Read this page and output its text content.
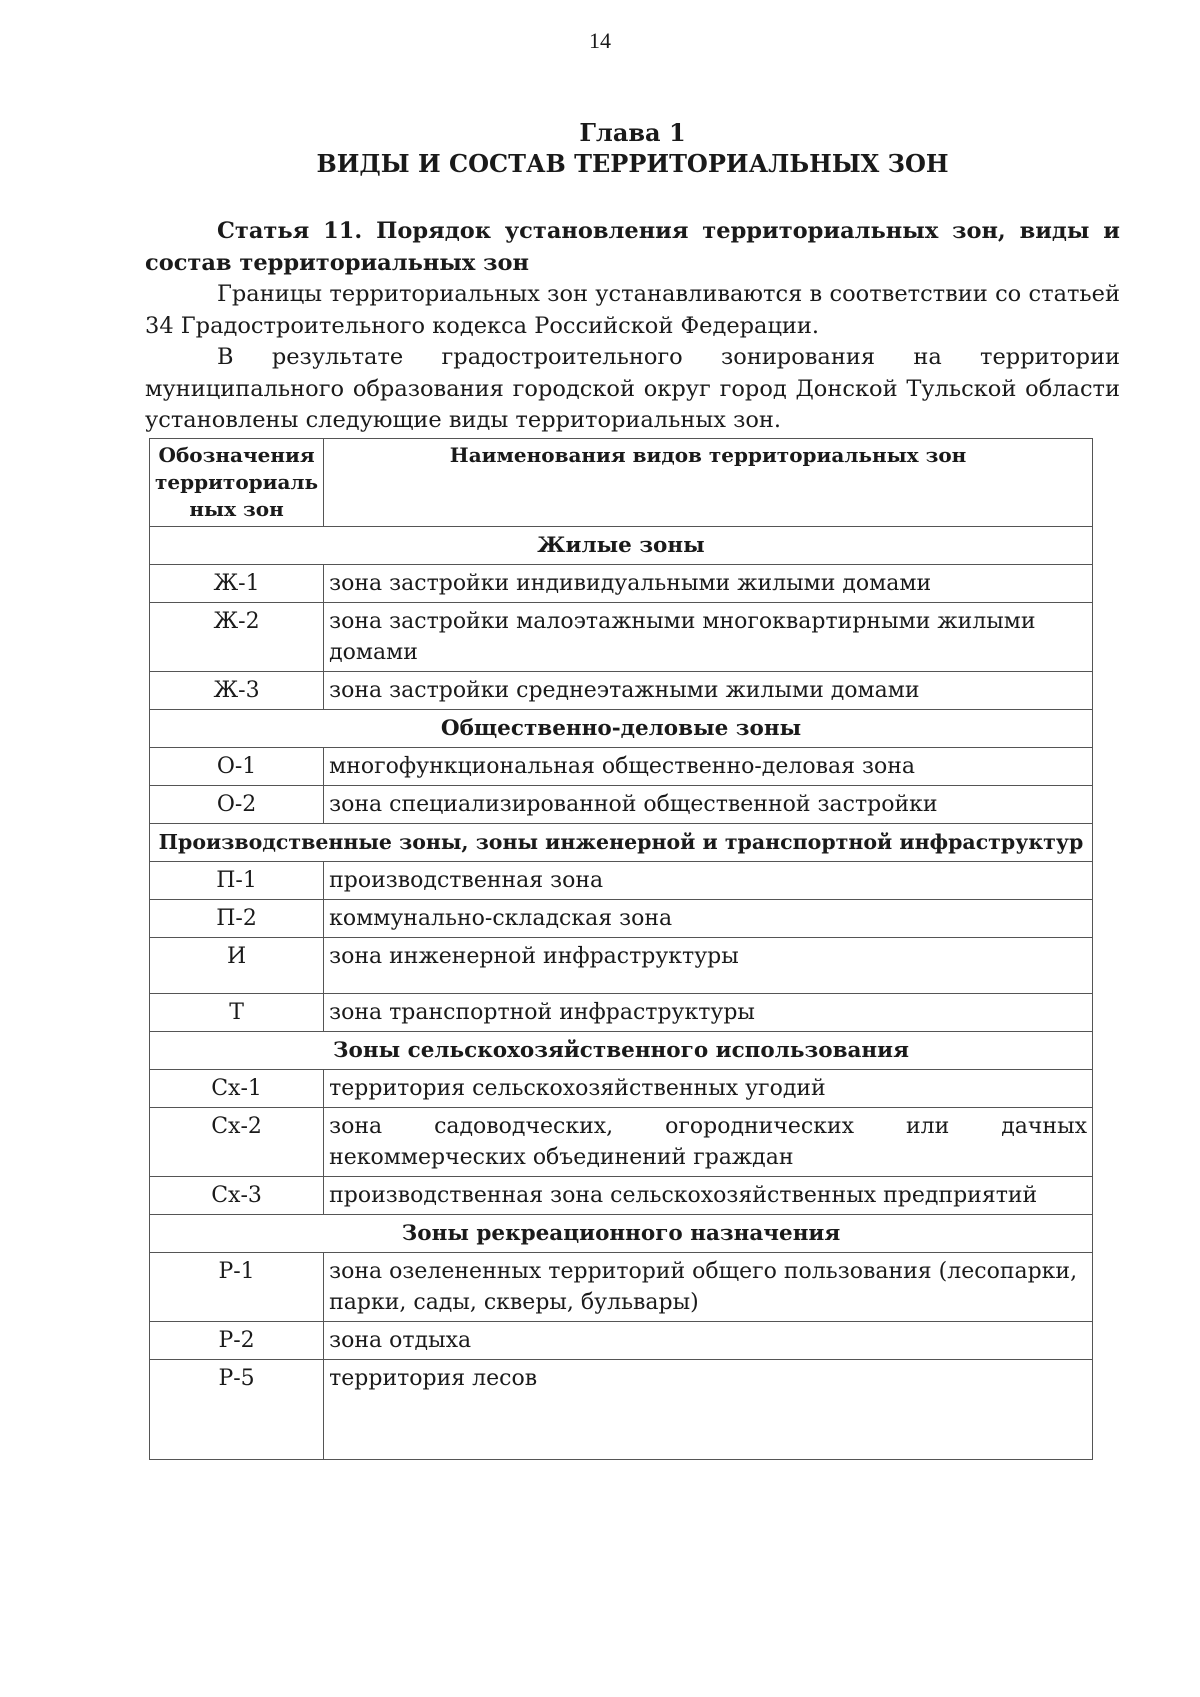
14
Глава 1
ВИДЫ И СОСТАВ ТЕРРИТОРИАЛЬНЫХ ЗОН

Статья 11. Порядок установления территориальных зон, виды и состав территориальных зон

Границы территориальных зон устанавливаются в соответствии со статьей 34 Градостроительного кодекса Российской Федерации.

В результате градостроительного зонирования на территории муниципального образования городской округ город Донской Тульской области установлены следующие виды территориальных зон.

Обозначения территориаль ных зон	Наименования видов территориальных зон
Жилые зоны	
Ж-1	зона застройки индивидуальными жилыми домами
Ж-2	зона застройки малоэтажными многоквартирными жилыми домами
Ж-3	зона застройки среднеэтажными жилыми домами
Общественно-деловые зоны	
О-1	многофункциональная общественно-деловая зона
О-2	зона специализированной общественной застройки
Производственные зоны, зоны инженерной и транспортной инфраструктур	
П-1	производственная зона
П-2	коммунально-складская зона
И	зона инженерной инфраструктуры
Т	зона транспортной инфраструктуры
Зоны сельскохозяйственного использования	
Сх-1	территория сельскохозяйственных угодий
Сх-2	зона садоводческих, огороднических или дачных некоммерческих объединений граждан
Сх-3	производственная зона сельскохозяйственных предприятий
Зоны рекреационного назначения	
Р-1	зона озелененных территорий общего пользования (лесопарки, парки, сады, скверы, бульвары)
Р-2	зона отдыха
Р-5	территория лесов
